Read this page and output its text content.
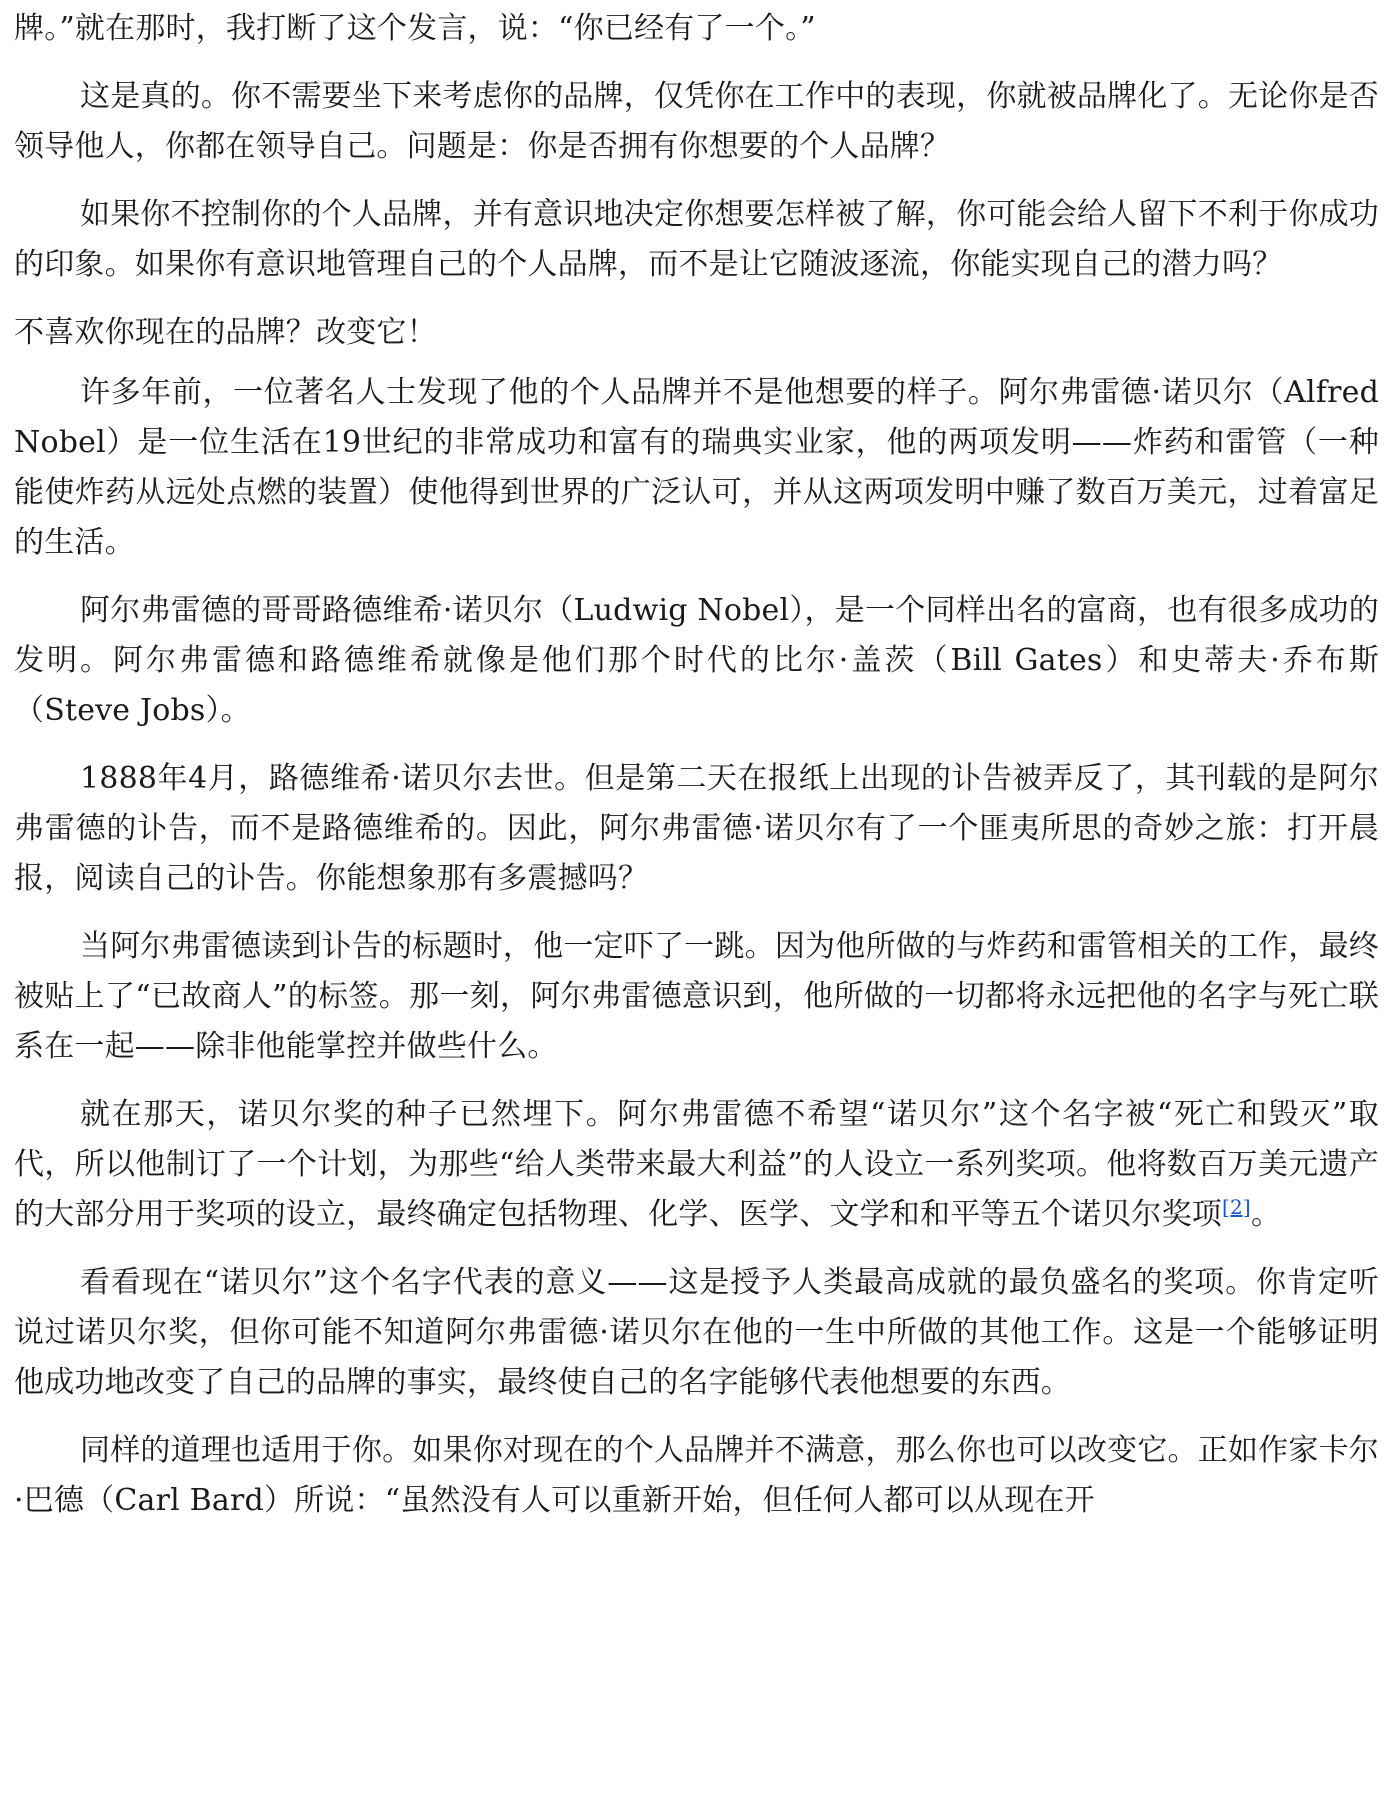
牌。”就在那时，我打断了这个发言，说：“你已经有了一个。”

这是真的。你不需要坐下来考虑你的品牌，仅凭你在工作中的表现，你就被品牌化了。无论你是否领导他人，你都在领导自己。问题是：你是否拥有你想要的个人品牌？

如果你不控制你的个人品牌，并有意识地决定你想要怎样被了解，你可能会给人留下不利于你成功的印象。如果你有意识地管理自己的个人品牌，而不是让它随波逐流，你能实现自己的潜力吗？

不喜欢你现在的品牌？改变它！

许多年前，一位著名人士发现了他的个人品牌并不是他想要的样子。阿尔弗雷德·诺贝尔（Alfred Nobel）是一位生活在19世纪的非常成功和富有的瑞典实业家，他的两项发明——炸药和雷管（一种能使炸药从远处点燃的装置）使他得到世界的广泛认可，并从这两项发明中赚了数百万美元，过着富足的生活。

阿尔弗雷德的哥哥路德维希·诺贝尔（Ludwig Nobel），是一个同样出名的富商，也有很多成功的发明。阿尔弗雷德和路德维希就像是他们那个时代的比尔·盖茨（Bill Gates）和史蒂夫·乔布斯（Steve Jobs）。

1888年4月，路德维希·诺贝尔去世。但是第二天在报纸上出现的讣告被弄反了，其刊载的是阿尔弗雷德的讣告，而不是路德维希的。因此，阿尔弗雷德·诺贝尔有了一个匪夷所思的奇妙之旅：打开晨报，阅读自己的讣告。你能想象那有多震撼吗？

当阿尔弗雷德读到讣告的标题时，他一定吓了一跳。因为他所做的与炸药和雷管相关的工作，最终被贴上了“已故商人”的标签。那一刻，阿尔弗雷德意识到，他所做的一切都将永远把他的名字与死亡联系在一起——除非他能掌控并做些什么。

就在那天，诺贝尔奖的种子已然埋下。阿尔弗雷德不希望“诺贝尔”这个名字被“死亡和毁灭”取代，所以他制订了一个计划，为那些“给人类带来最大利益”的人设立一系列奖项。他将数百万美元遗产的大部分用于奖项的设立，最终确定包括物理、化学、医学、文学和和平等五个诺贝尔奖项[2]。

看看现在“诺贝尔”这个名字代表的意义——这是授予人类最高成就的最负盛名的奖项。你肯定听说过诺贝尔奖，但你可能不知道阿尔弗雷德·诺贝尔在他的一生中所做的其他工作。这是一个能够证明他成功地改变了自己的品牌的事实，最终使自己的名字能够代表他想要的东西。

同样的道理也适用于你。如果你对现在的个人品牌并不满意，那么你也可以改变它。正如作家卡尔·巴德（Carl Bard）所说：“虽然没有人可以重新开始，但任何人都可以从现在开
